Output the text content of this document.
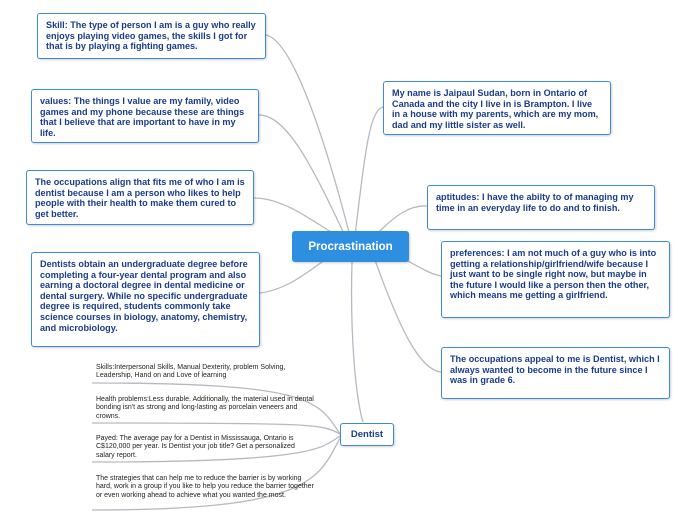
Skill: The type of person I am is a guy who really enjoys playing video games, the skills I got for that is by playing a fighting games.
values: The things I value are my family, video games and my phone because these are things that I believe that are important to have in my life.
The occupations align that fits me of who I am is dentist because I am a person who likes to help people with their health to make them cured to get better.
Dentists obtain an undergraduate degree before completing a four-year dental program and also earning a doctoral degree in dental medicine or dental surgery. While no specific undergraduate degree is required, students commonly take science courses in biology, anatomy, chemistry, and microbiology.
Procrastination
My name is Jaipaul Sudan, born in Ontario of Canada and the city I live in is Brampton. I live in a house with my parents, which are my mom, dad and my little sister as well.
aptitudes: I have the abilty to of managing my time in an everyday life to do and to finish.
preferences: I am not much of a guy who is into getting a relationship/girlfriend/wife because I just want to be single right now, but maybe in the future I would like a person then the other, which means me getting a girlfriend.
The occupations appeal to me is Dentist, which I always wanted to become in the future since I was in grade 6.
Dentist
Skills:Interpersonal Skills, Manual Dexterity, problem Solving, Leadership, Hand on and Love of learning
Health problems:Less durable. Additionally, the material used in dental bonding isn't as strong and long-lasting as porcelain veneers and crowns.
Payed: The average pay for a Dentist in Mississauga, Ontario is C$120,000 per year. Is Dentist your job title? Get a personalized salary report.
The strategies that can help me to reduce the barrier is by working hard, work in a group if you like to help you reduce the barrier together or even working ahead to achieve what you wanted the most.
